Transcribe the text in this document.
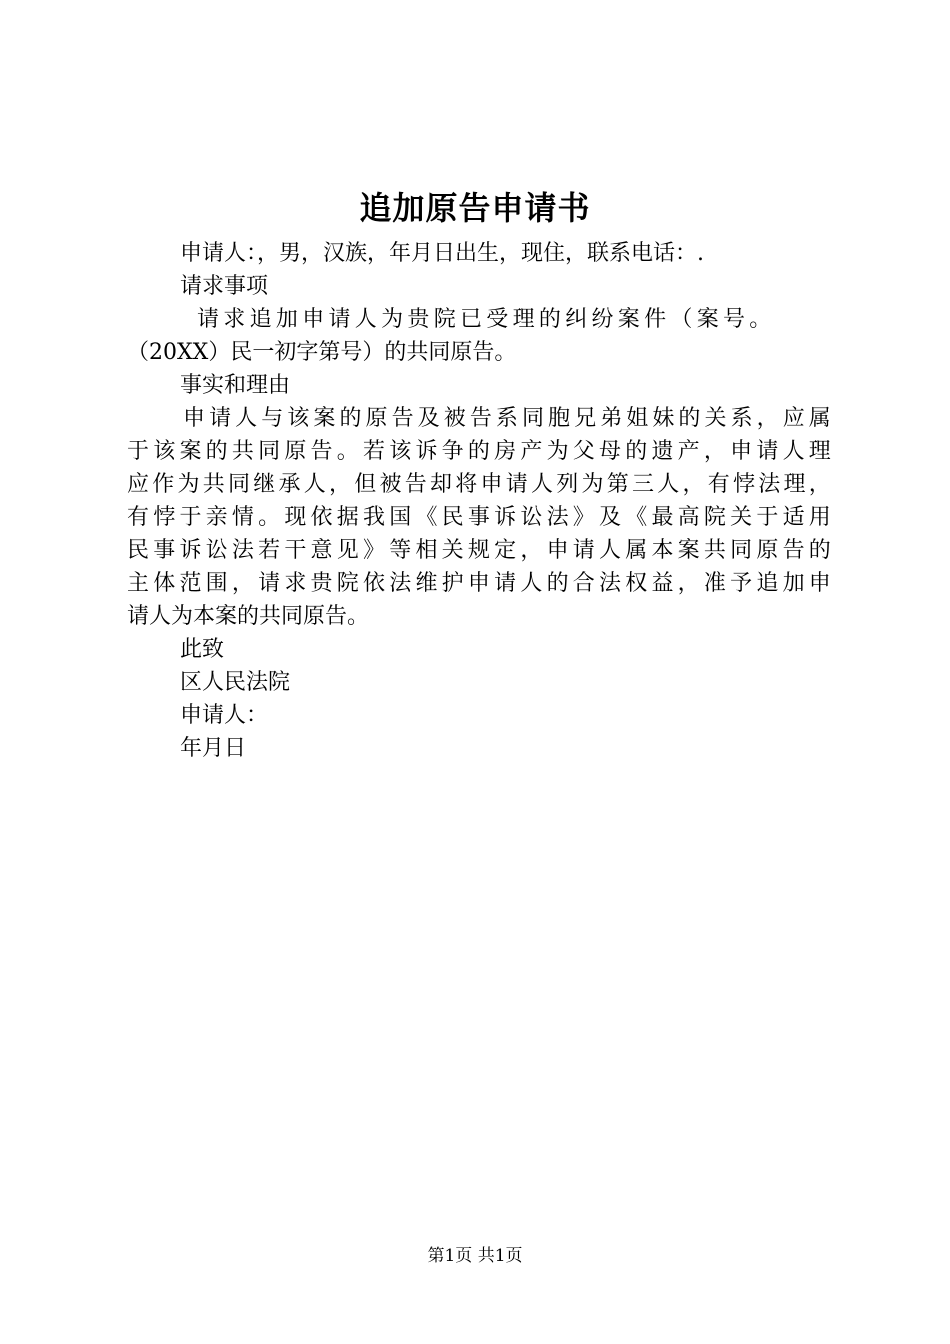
追加原告申请书
申请人：，男，汉族，年月日出生，现住，联系电话：.
请求事项
请求追加申请人为贵院已受理的纠纷案件（案号。
（20XX）民一初字第号）的共同原告。
事实和理由
申请人与该案的原告及被告系同胞兄弟姐妹的关系，应属
于该案的共同原告。若该诉争的房产为父母的遗产，申请人理
应作为共同继承人，但被告却将申请人列为第三人，有悖法理，
有悖于亲情。现依据我国《民事诉讼法》及《最高院关于适用
民事诉讼法若干意见》等相关规定，申请人属本案共同原告的
主体范围，请求贵院依法维护申请人的合法权益，准予追加申
请人为本案的共同原告。
此致
区人民法院
申请人：
年月日
第1页 共1页
